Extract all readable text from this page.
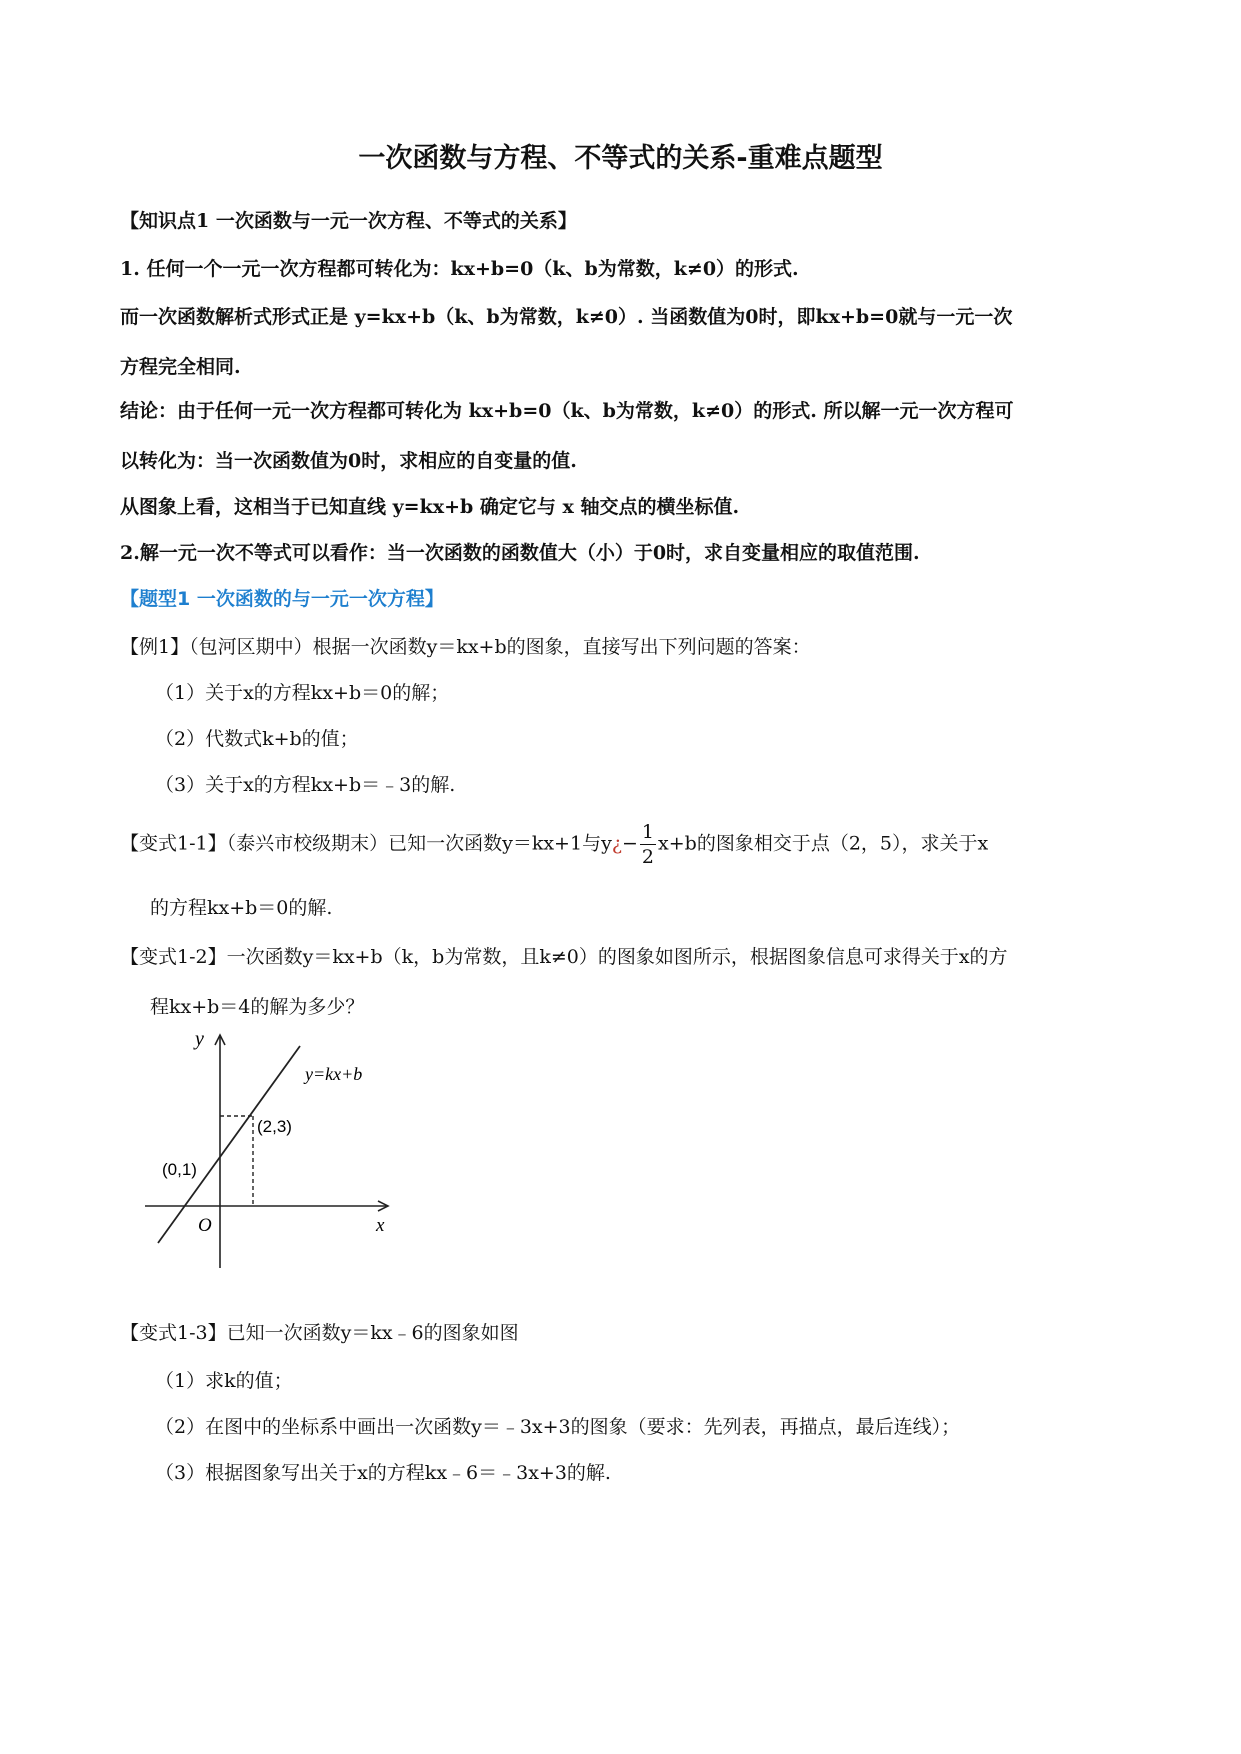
一次函数与方程、不等式的关系-重难点题型
【知识点1 一次函数与一元一次方程、不等式的关系】
1. 任何一个一元一次方程都可转化为：kx+b=0（k、b为常数，k≠0）的形式.
而一次函数解析式形式正是 y=kx+b（k、b为常数，k≠0）. 当函数值为0时，即kx+b=0就与一元一次
方程完全相同.
结论：由于任何一元一次方程都可转化为 kx+b=0（k、b为常数，k≠0）的形式. 所以解一元一次方程可
以转化为：当一次函数值为0时，求相应的自变量的值.
从图象上看，这相当于已知直线 y=kx+b 确定它与 x 轴交点的横坐标值.
2.解一元一次不等式可以看作：当一次函数的函数值大（小）于0时，求自变量相应的取值范围.
【题型1 一次函数的与一元一次方程】
【例1】（包河区期中）根据一次函数y＝kx+b的图象，直接写出下列问题的答案：
（1）关于x的方程kx+b＝0的解；
（2）代数式k+b的值；
（3）关于x的方程kx+b＝﹣3的解.
【变式1-1】（泰兴市校级期末）已知一次函数y＝kx+1与y¿− $\frac{1}{2} x+b$的图象相交于点（2，5），求关于x
的方程kx+b＝0的解.
【变式1-2】一次函数y＝kx+b（k，b为常数，且k≠0）的图象如图所示，根据图象信息可求得关于x的方
程kx+b＝4的解为多少？
y
x
O
y=kx+b
(0,1)
(2,3)
【变式1-3】已知一次函数y＝kx﹣6的图象如图
（1）求k的值；
（2）在图中的坐标系中画出一次函数y＝﹣3x+3的图象（要求：先列表，再描点，最后连线）；
（3）根据图象写出关于x的方程kx﹣6＝﹣3x+3的解.
